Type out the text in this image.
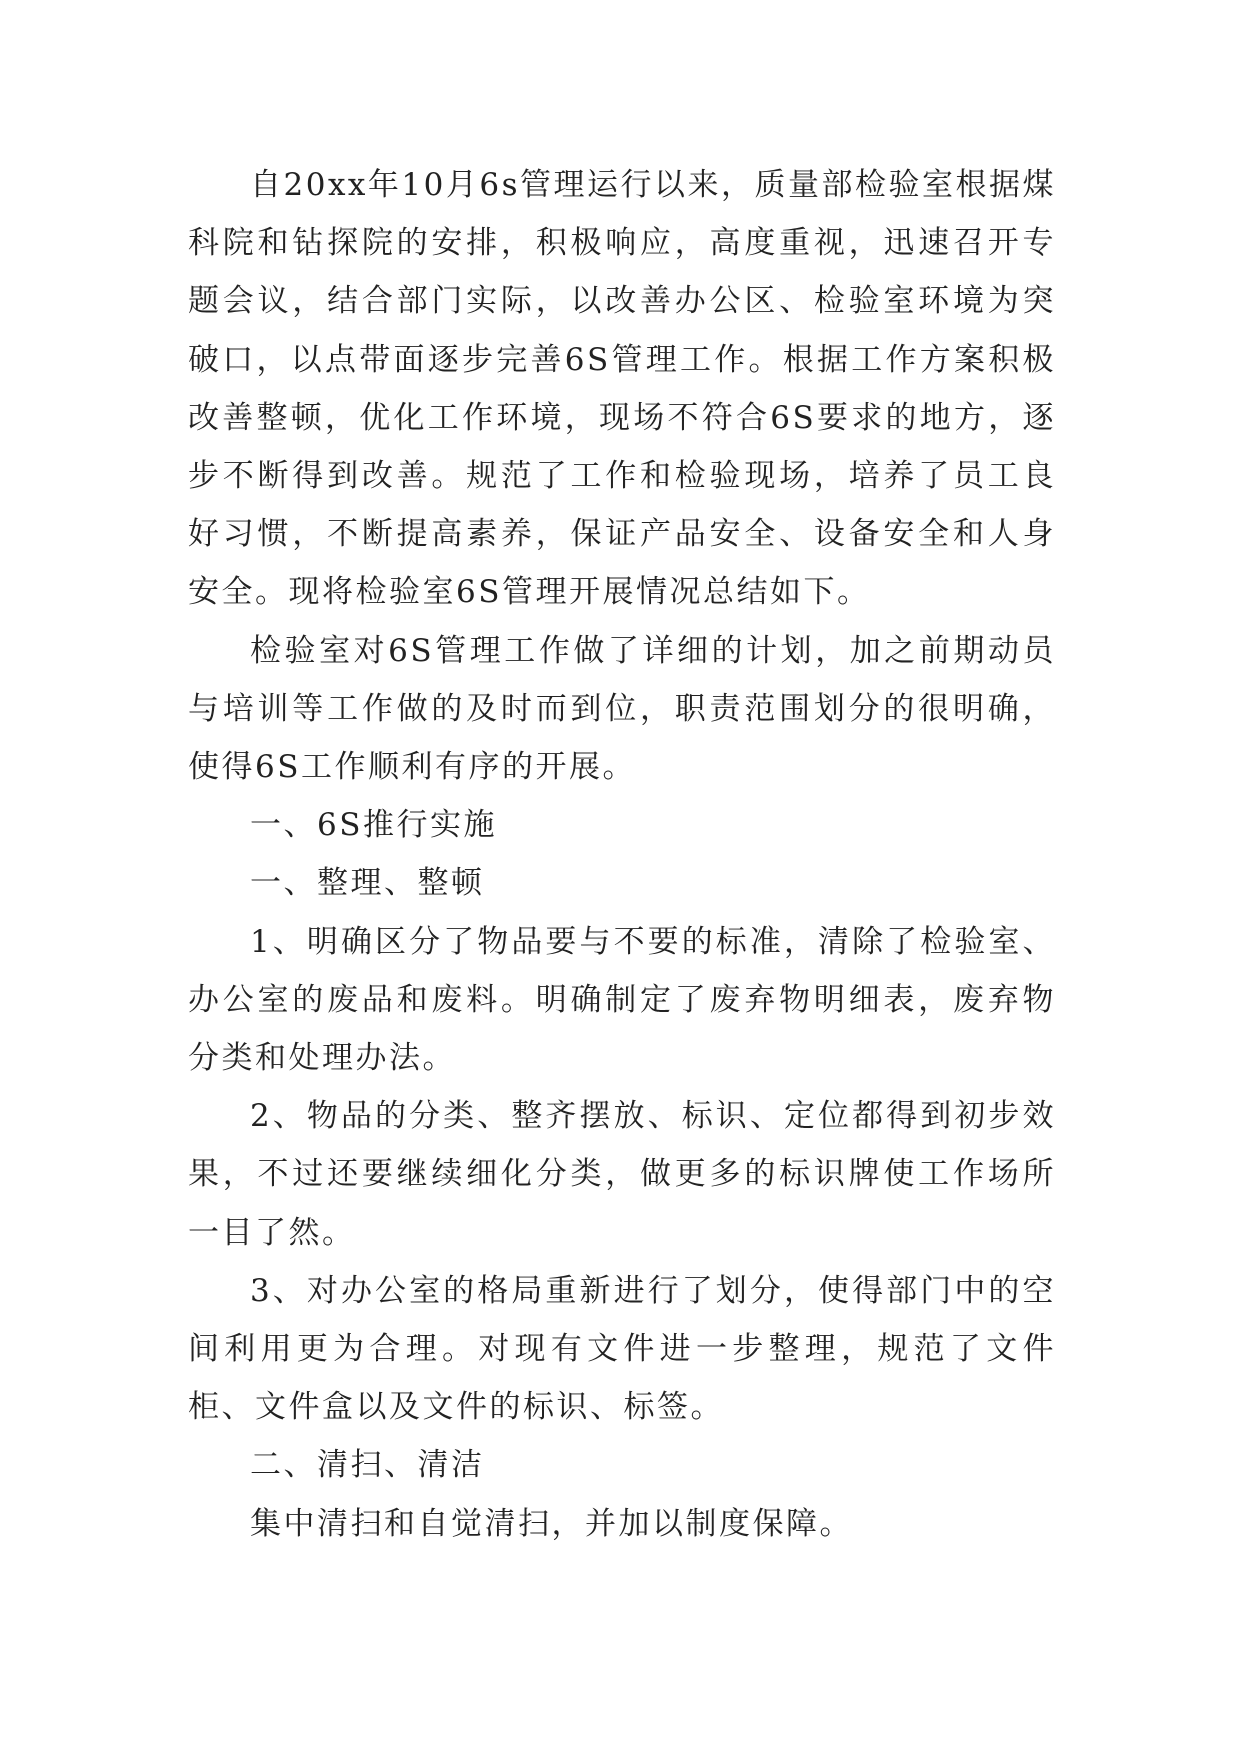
自20xx年10月6s管理运行以来，质量部检验室根据煤科院和钻探院的安排，积极响应，高度重视，迅速召开专题会议，结合部门实际，以改善办公区、检验室环境为突破口，以点带面逐步完善6S管理工作。根据工作方案积极改善整顿，优化工作环境，现场不符合6S要求的地方，逐步不断得到改善。规范了工作和检验现场，培养了员工良好习惯，不断提高素养，保证产品安全、设备安全和人身安全。现将检验室6S管理开展情况总结如下。

检验室对6S管理工作做了详细的计划，加之前期动员与培训等工作做的及时而到位，职责范围划分的很明确，使得6S工作顺利有序的开展。

一、6S推行实施

一、整理、整顿

1、明确区分了物品要与不要的标准，清除了检验室、办公室的废品和废料。明确制定了废弃物明细表，废弃物分类和处理办法。

2、物品的分类、整齐摆放、标识、定位都得到初步效果，不过还要继续细化分类，做更多的标识牌使工作场所一目了然。

3、对办公室的格局重新进行了划分，使得部门中的空间利用更为合理。对现有文件进一步整理，规范了文件柜、文件盒以及文件的标识、标签。

二、清扫、清洁

集中清扫和自觉清扫，并加以制度保障。
